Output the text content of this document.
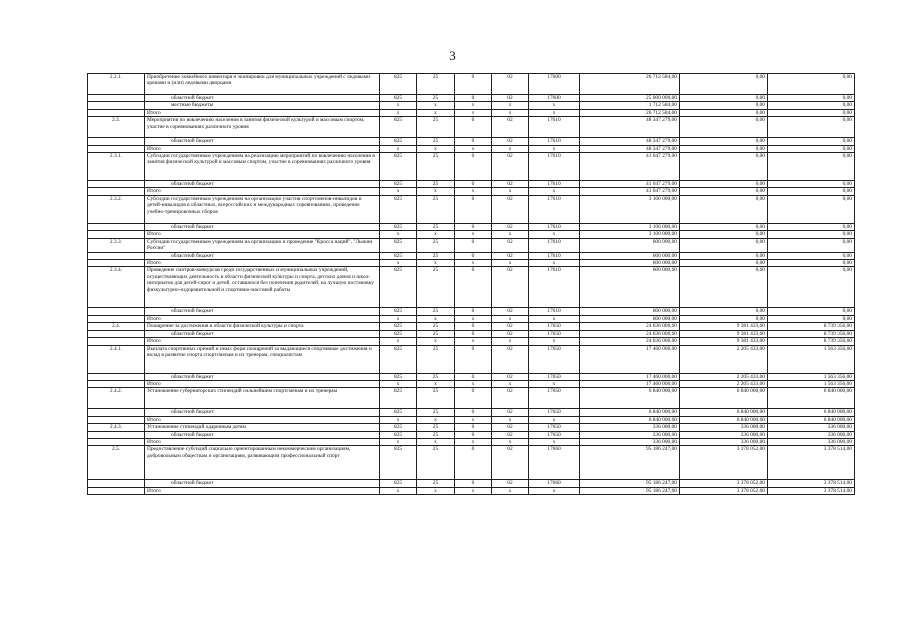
3
2.2.1.	Приобретение хоккейного инвентаря и экипировки для муниципальных учреждений с ледовыми аренами и (или) ледовыми дворцами	825	25	0	02	17600	26 712 584,00	0,00	0,00
	областной бюджет	825	25	0	02	17600	25 000 000,00	0,00	0,00
	местные бюджеты	x	x	x	x	x	1 712 584,00	0,00	0,00
	Итого	x	x	x	x	x	26 712 584,00	0,00	0,00
2.3.	Мероприятия по вовлечению населения в занятия физической культурой и массовым спортом, участие в соревнованиях различного уровня	825	25	0	02	17610	48 347 279,00	0,00	0,00
	областной бюджет	825	25	0	02	17610	48 347 279,00	0,00	0,00
	Итого	x	x	x	x	x	48 347 279,00	0,00	0,00
2.3.1.	Субсидии государственным учреждениям на реализацию мероприятий по вовлечению населения в занятия физической культурой и массовым спортом, участие в соревнованиях различного уровня	825	25	0	02	17610	41 047 279,00	0,00	0,00
	областной бюджет	825	25	0	02	17610	41 047 279,00	0,00	0,00
	Итого	x	x	x	x	x	41 047 279,00	0,00	0,00
2.3.2.	Субсидии государственным учреждениям на организацию участия спортсменов-инвалидов и детей-инвалидов в областных, всероссийских и международных соревнованиях, проведение учебно-тренировочных сборов	825	25	0	02	17610	3 100 000,00	0,00	0,00
	областной бюджет	825	25	0	02	17610	3 100 000,00	0,00	0,00
	Итого	x	x	x	x	x	3 100 000,00	0,00	0,00
2.3.3.	Субсидии государственным учреждениям на организацию и проведение "Кросса наций", "Лыжни России"	825	25	0	02	17610	600 000,00	0,00	0,00
	областной бюджет	825	25	0	02	17610	600 000,00	0,00	0,00
	Итого	x	x	x	x	x	600 000,00	0,00	0,00
2.3.4.	Проведение смотров-конкурсов среди государственных и муниципальных учреждений, осуществляющих деятельность в области физической культуры и спорта, детских домов и школ-интернатов для детей-сирот и детей, оставшихся без попечения родителей, на лучшую постановку физкультурно-оздоровительной и спортивно-массовой работы	825	25	0	02	17610	600 000,00	0,00	0,00
	областной бюджет	825	25	0	02	17610	600 000,00	0,00	0,00
	Итого	x	x	x	x	x	600 000,00	0,00	0,00
2.4.	Поощрение за достижения в области физической культуры и спорта	825	25	0	02	17650	24 636 000,00	9 381 433,00	8 739 356,00
	областной бюджет	825	25	0	02	17650	24 636 000,00	9 381 433,00	8 739 356,00
	Итого	x	x	x	x	x	24 636 000,00	9 381 433,00	8 739 356,00
2.4.1.	Выплата спортивных премий и иных форм поощрений за выдающиеся спортивные достижения и вклад в развитие спорта спортсменам и их тренерам, специалистам	825	25	0	02	17650	17 460 000,00	2 205 433,00	1 563 356,00
	областной бюджет	825	25	0	02	17650	17 460 000,00	2 205 433,00	1 563 356,00
	Итого	x	x	x	x	x	17 460 000,00	2 205 433,00	1 563 356,00
2.4.2.	Установление губернаторских стипендий сильнейшим спортсменам и их тренерам	825	25	0	02	17650	6 840 000,00	6 840 000,00	6 840 000,00
	областной бюджет	825	25	0	02	17650	6 840 000,00	6 840 000,00	6 840 000,00
	Итого	x	x	x	x	x	6 840 000,00	6 840 000,00	6 840 000,00
2.4.3.	Установление стипендий одаренным детям	825	25	0	02	17650	336 000,00	336 000,00	336 000,00
	областной бюджет	825	25	0	02	17650	336 000,00	336 000,00	336 000,00
	Итого	x	x	x	x	x	336 000,00	336 000,00	336 000,00
2.5.	Предоставление субсидий социально ориентированным некоммерческим организациям, добровольным обществам и организациям, развивающим профессиональный спорт	825	25	0	02	17660	95 186 247,00	3 378 052,00	3 378 514,00
	областной бюджет	825	25	0	02	17660	95 186 247,00	3 378 052,00	3 378 514,00
	Итого	x	x	x	x	x	95 186 247,00	3 378 052,00	3 378 514,00
